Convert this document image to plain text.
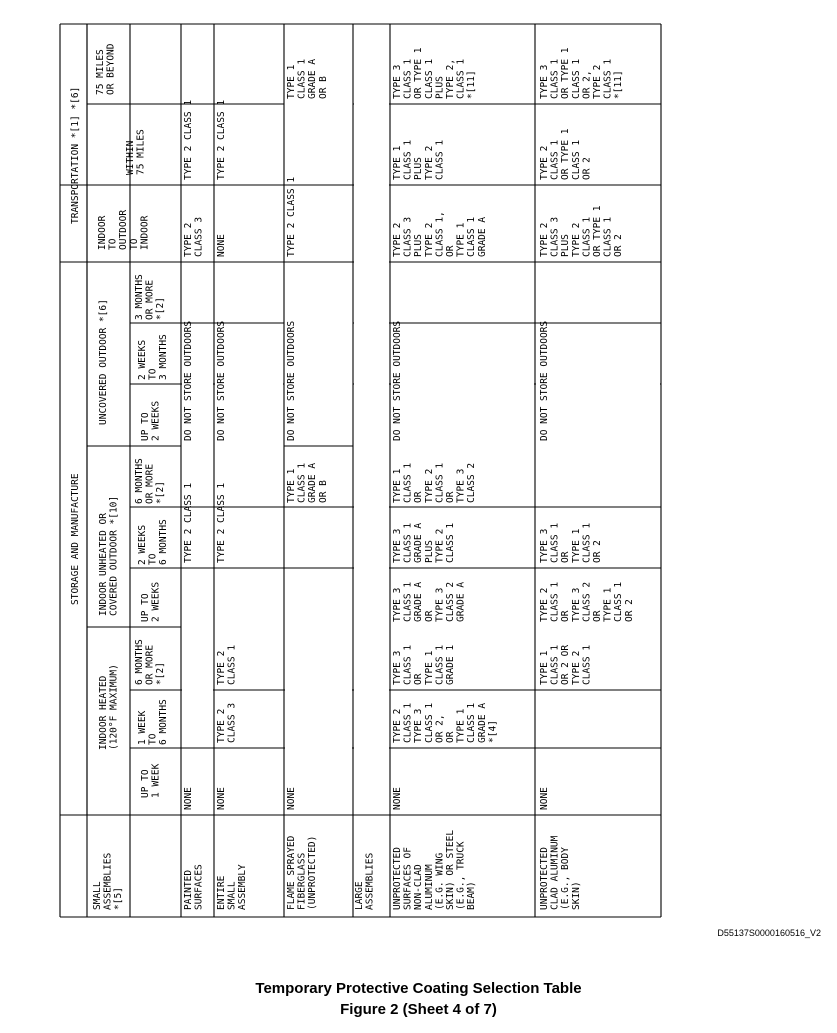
STORAGE AND MANUFACTURE
TRANSPORTATION *[1] *[6]
INDOOR HEATED (120°F MAXIMUM)
INDOOR UNHEATED OR COVERED OUTDOOR *[10]
UNCOVERED OUTDOOR *[6]
UP TO 1 WEEK
1 WEEK TO 6 MONTHS
6 MONTHS OR MORE *[2]
UP TO 2 WEEKS
2 WEEKS TO 6 MONTHS
6 MONTHS OR MORE *[2]
UP TO 2 WEEKS
2 WEEKS TO 3 MONTHS
3 MONTHS OR MORE *[2]
INDOOR TO OUTDOOR TO INDOOR
WITHIN 75 MILES
75 MILES OR BEYOND
SMALL ASSEMBLIES *[5]	LARGE ASSEMBLIES
PAINTED SURFACES
NONE
TYPE 2 CLASS 1
DO NOT STORE OUTDOORS
TYPE 2 CLASS 3
TYPE 2 CLASS 1
ENTIRE SMALL ASSEMBLY
NONE
TYPE 2 CLASS 3
TYPE 2 CLASS 1
TYPE 2 CLASS 1
DO NOT STORE OUTDOORS
NONE
TYPE 2 CLASS 1
FLAME SPRAYED FIBERGLASS (UNPROTECTED)
NONE
TYPE 1 CLASS 1 GRADE A OR B
DO NOT STORE OUTDOORS
TYPE 2 CLASS 1
TYPE 1 CLASS 1 GRADE A OR B
UNPROTECTED SURFACES OF NON-CLAD ALUMINUM (E.G. WING SKIN) OR STEEL (E.G., TRUCK BEAM)
NONE
TYPE 2 CLASS 1 TYPE 3 CLASS 1 OR 2, OR TYPE 1 CLASS 1 GRADE A *[4]
TYPE 3 CLASS 1 OR TYPE 1 CLASS 1 GRADE 1
TYPE 3 CLASS 1 GRADE A OR TYPE 3 CLASS 2 GRADE A
TYPE 3 CLASS 1 GRADE A PLUS TYPE 2 CLASS 1
TYPE 1 CLASS 1 OR TYPE 2 CLASS 1 OR TYPE 3 CLASS 2
DO NOT STORE OUTDOORS
TYPE 2 CLASS 3 PLUS TYPE 2 CLASS 1, OR TYPE 1 CLASS 1 GRADE A
TYPE 1 CLASS 1 PLUS TYPE 2 CLASS 1
TYPE 3 CLASS 1 OR TYPE 1 CLASS 1 PLUS TYPE 2, CLASS 1 *[11]
UNPROTECTED CLAD ALUMINUM (E.G., BODY SKIN)
NONE
TYPE 1 CLASS 1 OR 2 OR TYPE 2 CLASS 1
TYPE 2 CLASS 1 OR TYPE 3 CLASS 2 OR TYPE 1 CLASS 1 OR 2
TYPE 3 CLASS 1 OR TYPE 1 CLASS 1 OR 2
DO NOT STORE OUTDOORS
TYPE 2 CLASS 3 PLUS TYPE 2 CLASS 1 OR TYPE 1 CLASS 1 OR 2
TYPE 2 CLASS 1 OR TYPE 1 CLASS 1 OR 2
TYPE 3 CLASS 1 OR TYPE 1 CLASS 1 OR 2, TYPE 2 CLASS 1 *[11]
D55137S0000160516_V2
Temporary Protective Coating Selection Table
Figure 2 (Sheet 4 of 7)
